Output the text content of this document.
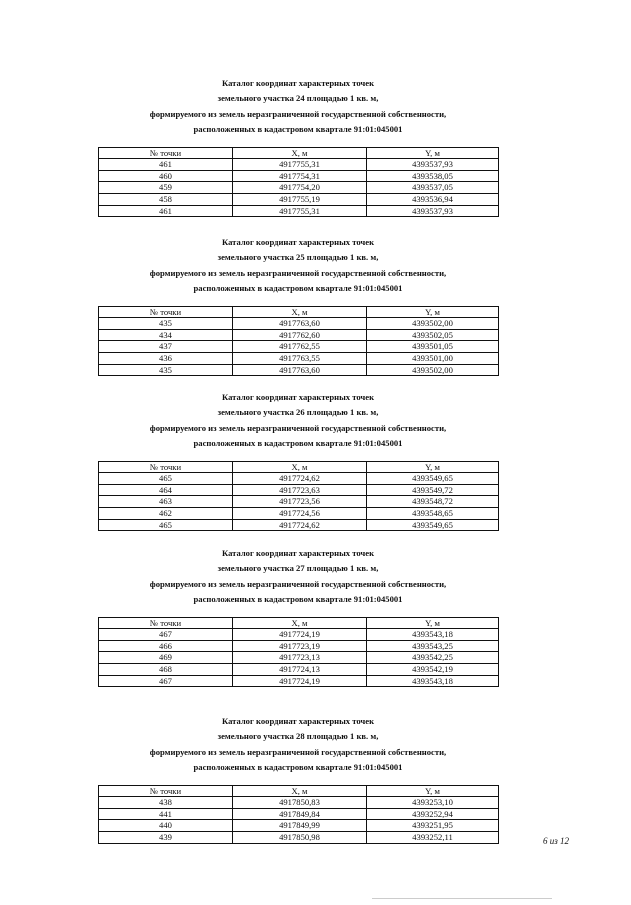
Каталог координат характерных точек
земельного участка 24 площадью 1 кв. м,
формируемого из земель неразграниченной государственной собственности,
расположенных в кадастровом квартале 91:01:045001
№ точки	X, м	Y, м
461	4917755,31	4393537,93
460	4917754,31	4393538,05
459	4917754,20	4393537,05
458	4917755,19	4393536,94
461	4917755,31	4393537,93
Каталог координат характерных точек
земельного участка 25 площадью 1 кв. м,
формируемого из земель неразграниченной государственной собственности,
расположенных в кадастровом квартале 91:01:045001
№ точки	X, м	Y, м
435	4917763,60	4393502,00
434	4917762,60	4393502,05
437	4917762,55	4393501,05
436	4917763,55	4393501,00
435	4917763,60	4393502,00
Каталог координат характерных точек
земельного участка 26 площадью 1 кв. м,
формируемого из земель неразграниченной государственной собственности,
расположенных в кадастровом квартале 91:01:045001
№ точки	X, м	Y, м
465	4917724,62	4393549,65
464	4917723,63	4393549,72
463	4917723,56	4393548,72
462	4917724,56	4393548,65
465	4917724,62	4393549,65
Каталог координат характерных точек
земельного участка 27 площадью 1 кв. м,
формируемого из земель неразграниченной государственной собственности,
расположенных в кадастровом квартале 91:01:045001
№ точки	X, м	Y, м
467	4917724,19	4393543,18
466	4917723,19	4393543,25
469	4917723,13	4393542,25
468	4917724,13	4393542,19
467	4917724,19	4393543,18
Каталог координат характерных точек
земельного участка 28 площадью 1 кв. м,
формируемого из земель неразграниченной государственной собственности,
расположенных в кадастровом квартале 91:01:045001
№ точки	X, м	Y, м
438	4917850,83	4393253,10
441	4917849,84	4393252,94
440	4917849,99	4393251,95
439	4917850,98	4393252,11	6 из 12
